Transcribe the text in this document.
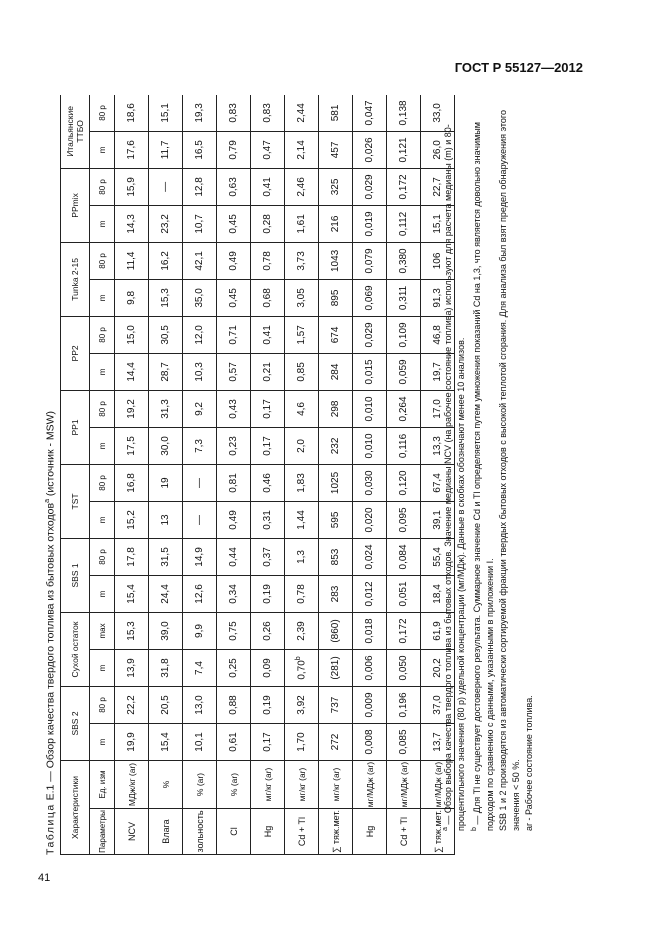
ГОСТ Р 55127—2012
Таблица Е.1 — Обзор качества твердого топлива из бытовых отходов$^a$ (источник - MSW)
Характеристики		SBS 2		Сухой остаток		SBS 1		TST		PP1		PP2		Tunka 2-15		PPmix		Итальянские ТТБО	
Параметры	Ед. изм	m	80 p	m	max	m	80 p	m	80 p	m	80 p	m	80 p	m	80 p	m	80 p	m	80 p
NCV	МДж/кг (ar)	19,9	22,2	13,9	15,3	15,4	17,8	15,2	16,8	17,5	19,2	14,4	15,0	9,8	11,4	14,3	15,9	17,6	18,6
Влага	%	15,4	20,5	31,8	39,0	24,4	31,5	13	19	30,0	31,3	28,7	30,5	15,3	16,2	23,2	—	11,7	15,1
зольность	% (ar)	10,1	13,0	7,4	9,9	12,6	14,9	—	—	7,3	9,2	10,3	12,0	35,0	42,1	10,7	12,8	16,5	19,3
Cl	% (ar)	0,61	0,88	0,25	0,75	0,34	0,44	0,49	0,81	0,23	0,43	0,57	0,71	0,45	0,49	0,45	0,63	0,79	0,83
Hg	мг/кг (ar)	0,17	0,19	0,09	0,26	0,19	0,37	0,31	0,46	0,17	0,17	0,21	0,41	0,68	0,78	0,28	0,41	0,47	0,83
Cd + Tl	мг/кг (ar)	1,70	3,92	0,70$^b$	2,39	0,78	1,3	1,44	1,83	2,0	4,6	0,85	1,57	3,05	3,73	1,61	2,46	2,14	2,44
∑ тяж.мет.	мг/кг (ar)	272	737	(281)	(860)	283	853	595	1025	232	298	284	674	895	1043	216	325	457	581
Hg	мг/МДж (ar)	0,008	0,009	0,006	0,018	0,012	0,024	0,020	0,030	0,010	0,010	0,015	0,029	0,069	0,079	0,019	0,029	0,026	0,047
Cd + Tl	мг/МДж (ar)	0,085	0,196	0,050	0,172	0,051	0,084	0,095	0,120	0,116	0,264	0,059	0,109	0,311	0,380	0,112	0,172	0,121	0,138
∑ тяж.мет.	мг/МДж (ar)	13,7	37,0	20,2	61,9	18,4	55,4	39,1	67,4	13,3	17,0	19,7	46,8	91,3	106	15,1	22,7	26,0	33,0

$^a$ — Обзор выбора качества твердого топлива из бытовых отходов. Значение медианы NCV (на рабочее состояние топлива) используют для расчета медианы (m) и 80-процентильного значения (80 p) удельной концентрации (мг/МДж). Данные в скобках обозначают менее 10 анализов. $^b$ — Для Tl не существует достоверного результата. Суммарное значение Cd и Tl определяется путем умножения показаний Cd на 1,3, что является довольно значимым подходом по сравнению с данными, указанными в приложении I. SSB 1 и 2 производятся из автоматически сортируемой фракции твердых бытовых отходов с высокой теплотой сгорания. Для анализа был взят предел обнаружения этого значения < 50 %. ar - Рабочее состояние топлива.

41
